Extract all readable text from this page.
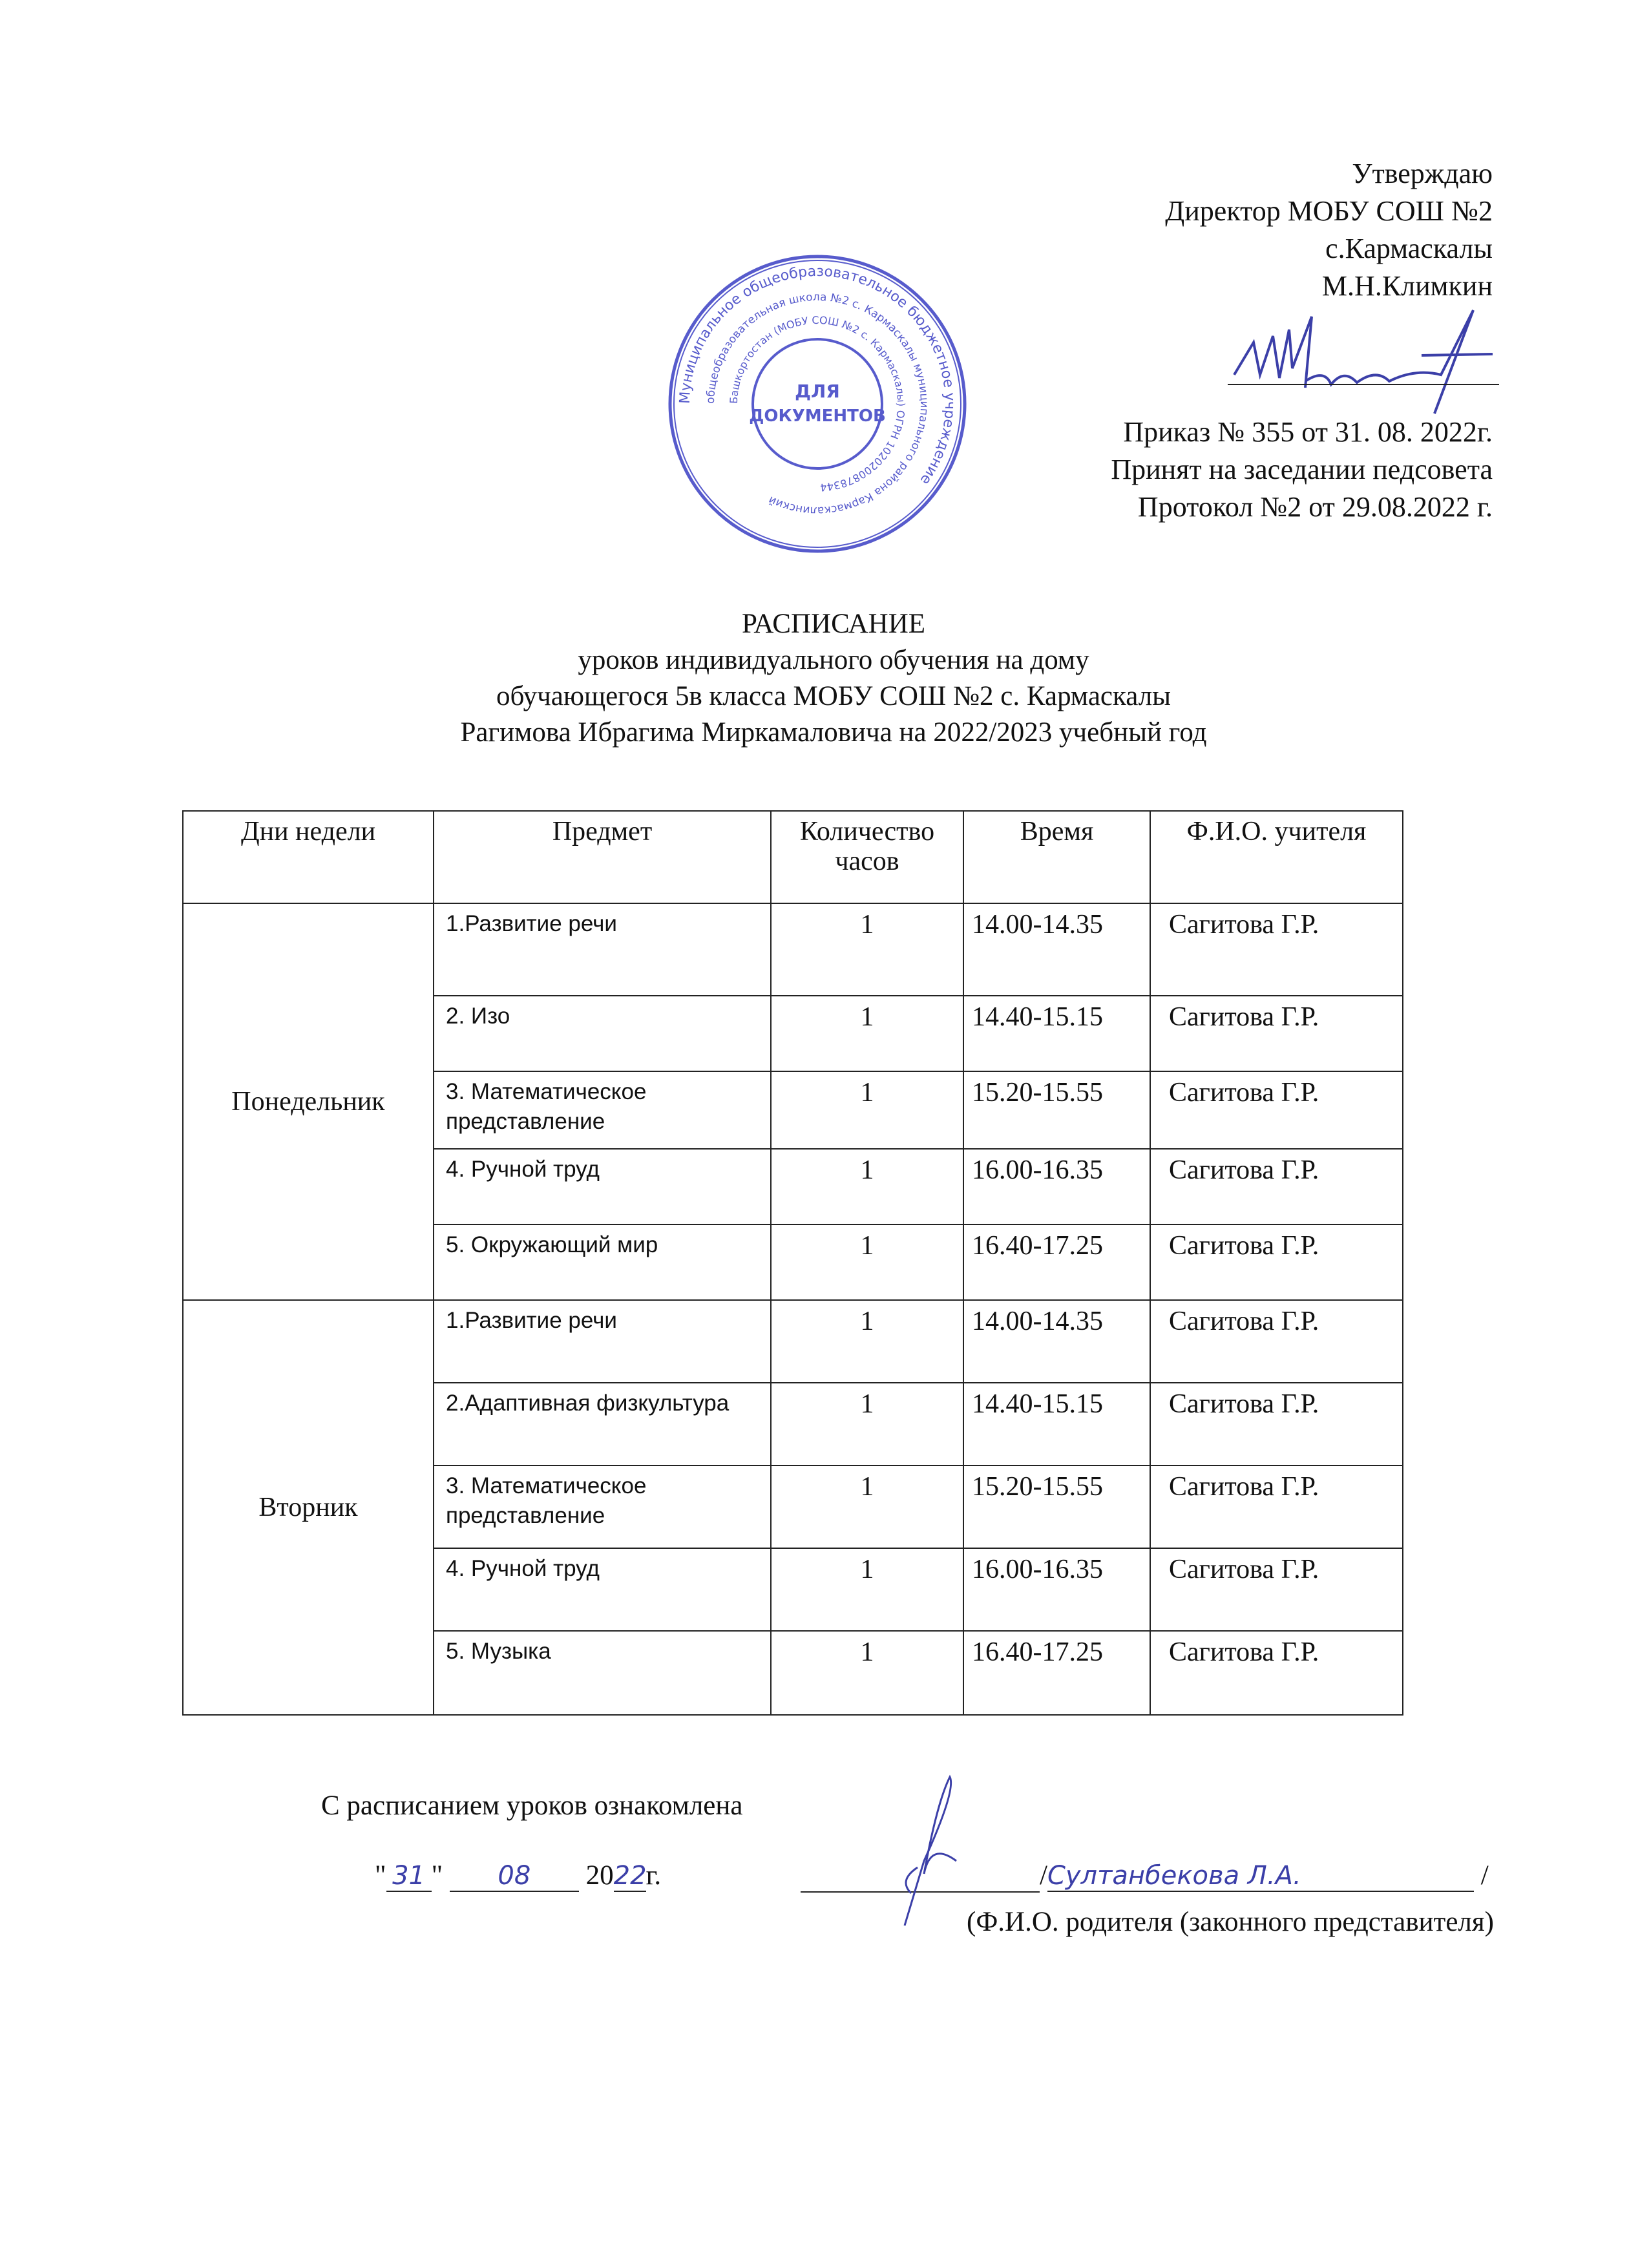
Утверждаю
Директор МОБУ СОШ №2
с.Кармаскалы
М.Н.Климкин
Приказ № 355 от 31. 08. 2022г.
Принят на заседании педсовета
Протокол №2 от 29.08.2022 г.
Муниципальное общеобразовательное бюджетное учреждение
общеобразовательная школа №2 с. Кармаскалы муниципального района Кармаскалинский
Башкортостан (МОБУ СОШ №2 с. Кармаскалы) ОГРН 1020200878344
ДЛЯ
ДОКУМЕНТОВ
РАСПИСАНИЕ
уроков индивидуального обучения на дому
обучающегося 5в класса МОБУ СОШ №2 с. Кармаскалы
Рагимова Ибрагима Миркамаловича на 2022/2023 учебный год
Дни недели	Предмет	Количество часов	Время	Ф.И.О. учителя
Понедельник	1.Развитие речи	1	14.00-14.35	Сагитова Г.Р.
	2. Изо	1	14.40-15.15	Сагитова Г.Р.
	3. Математическое представление	1	15.20-15.55	Сагитова Г.Р.
	4. Ручной труд	1	16.00-16.35	Сагитова Г.Р.
	5. Окружающий мир	1	16.40-17.25	Сагитова Г.Р.
Вторник	1.Развитие речи	1	14.00-14.35	Сагитова Г.Р.
	2.Адаптивная физкультура	1	14.40-15.15	Сагитова Г.Р.
	3. Математическое представление	1	15.20-15.55	Сагитова Г.Р.
	4. Ручной труд	1	16.00-16.35	Сагитова Г.Р.
	5. Музыка	1	16.40-17.25	Сагитова Г.Р.
С расписанием уроков ознакомлена
" 31 " 08 2022г.	/Султанбекова Л.А.	/
(Ф.И.О. родителя (законного представителя)
